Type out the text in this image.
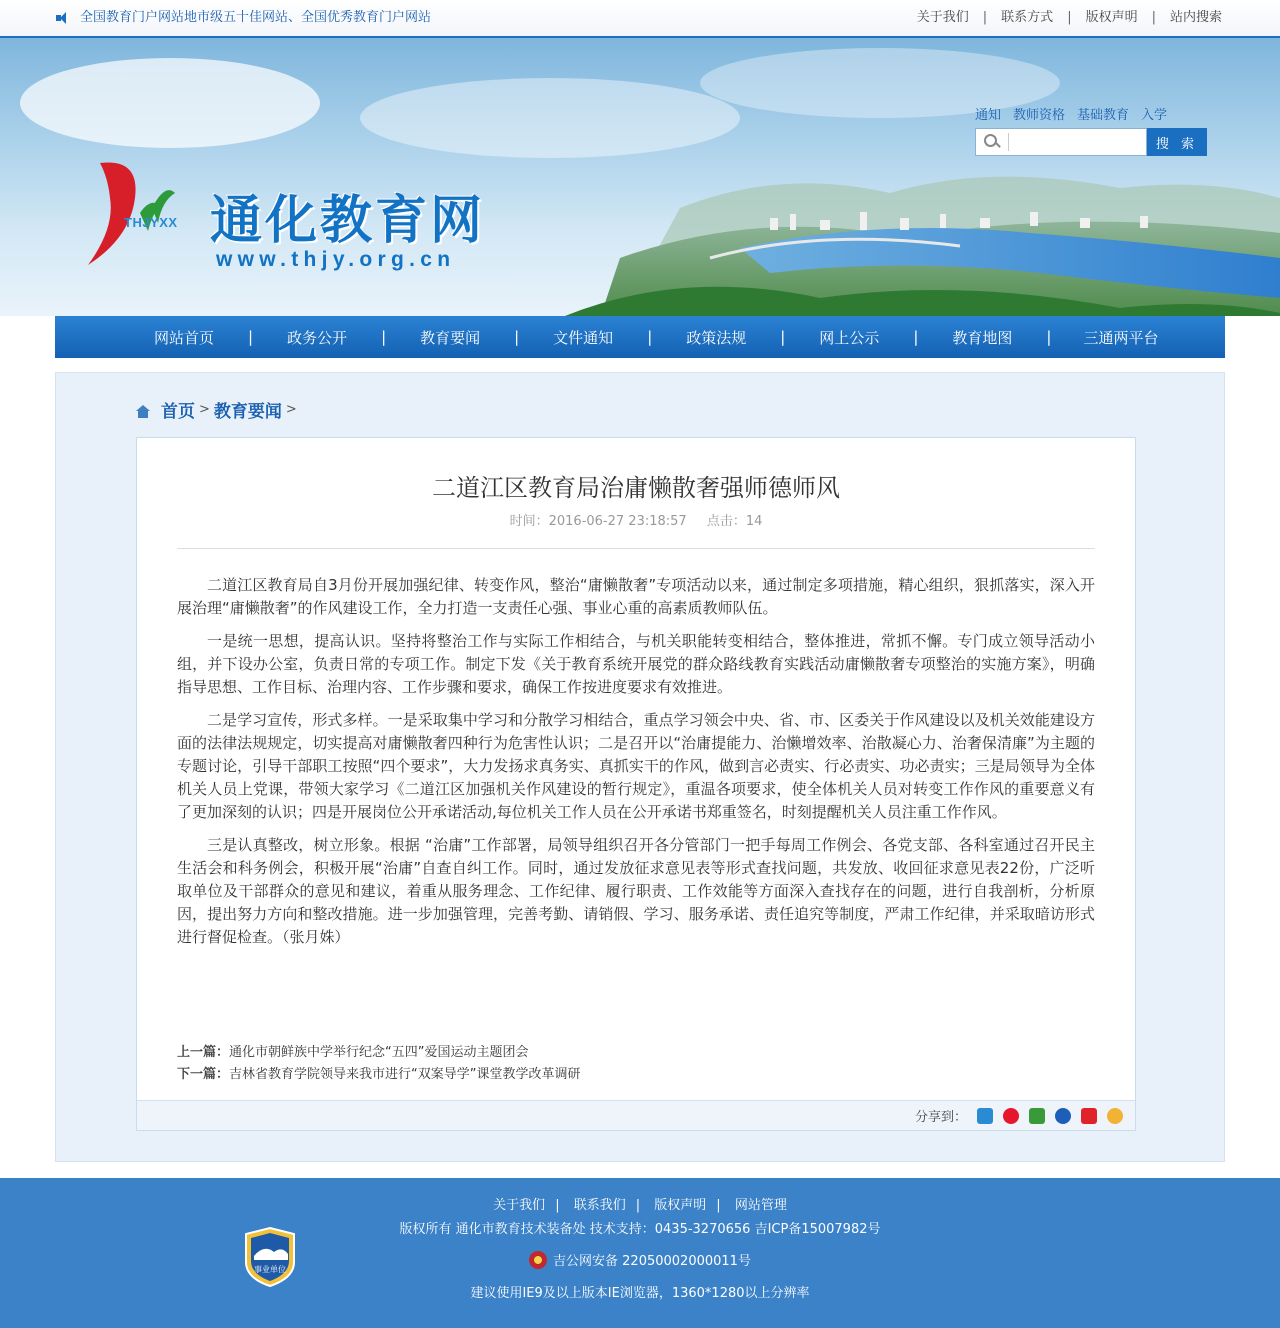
全国教育门户网站地市级五十佳网站、全国优秀教育门户网站	关于我们 | 联系方式 | 版权声明 | 站内搜索
THJYXX 通化教育网
www.thjy.org.cn
通知 教师资格 基础教育 入学
搜 索
网站首页 | 政务公开 | 教育要闻 | 文件通知 | 政策法规 | 网上公示 | 教育地图 | 三通两平台
首页 > 教育要闻 >
二道江区教育局治庸懒散奢强师德师风
时间：2016-06-27 23:18:57 点击：14

二道江区教育局自3月份开展加强纪律、转变作风，整治“庸懒散奢”专项活动以来，通过制定多项措施，精心组织，狠抓落实，深入开展治理“庸懒散奢”的作风建设工作，全力打造一支责任心强、事业心重的高素质教师队伍。

一是统一思想，提高认识。坚持将整治工作与实际工作相结合，与机关职能转变相结合，整体推进，常抓不懈。专门成立领导活动小组，并下设办公室，负责日常的专项工作。制定下发《关于教育系统开展党的群众路线教育实践活动庸懒散奢专项整治的实施方案》，明确指导思想、工作目标、治理内容、工作步骤和要求，确保工作按进度要求有效推进。

二是学习宣传，形式多样。一是采取集中学习和分散学习相结合，重点学习领会中央、省、市、区委关于作风建设以及机关效能建设方面的法律法规规定，切实提高对庸懒散奢四种行为危害性认识；二是召开以“治庸提能力、治懒增效率、治散凝心力、治奢保清廉”为主题的专题讨论，引导干部职工按照“四个要求”，大力发扬求真务实、真抓实干的作风，做到言必责实、行必责实、功必责实；三是局领导为全体机关人员上党课，带领大家学习《二道江区加强机关作风建设的暂行规定》，重温各项要求，使全体机关人员对转变工作作风的重要意义有了更加深刻的认识；四是开展岗位公开承诺活动,每位机关工作人员在公开承诺书郑重签名，时刻提醒机关人员注重工作作风。

三是认真整改，树立形象。根据 “治庸”工作部署，局领导组织召开各分管部门一把手每周工作例会、各党支部、各科室通过召开民主生活会和科务例会，积极开展“治庸”自查自纠工作。同时，通过发放征求意见表等形式查找问题，共发放、收回征求意见表22份，广泛听取单位及干部群众的意见和建议，着重从服务理念、工作纪律、履行职责、工作效能等方面深入查找存在的问题，进行自我剖析，分析原因，提出努力方向和整改措施。进一步加强管理，完善考勤、请销假、学习、服务承诺、责任追究等制度，严肃工作纪律，并采取暗访形式进行督促检查。（张月姝）

上一篇：通化市朝鲜族中学举行纪念“五四”爱国运动主题团会
下一篇：吉林省教育学院领导来我市进行“双案导学”课堂教学改革调研
分享到：
事业单位
关于我们 | 联系我们 | 版权声明 | 网站管理
版权所有 通化市教育技术装备处 技术支持：0435-3270656 吉ICP备15007982号
吉公网安备 22050002000011号
建议使用IE9及以上版本IE浏览器，1360*1280以上分辨率
